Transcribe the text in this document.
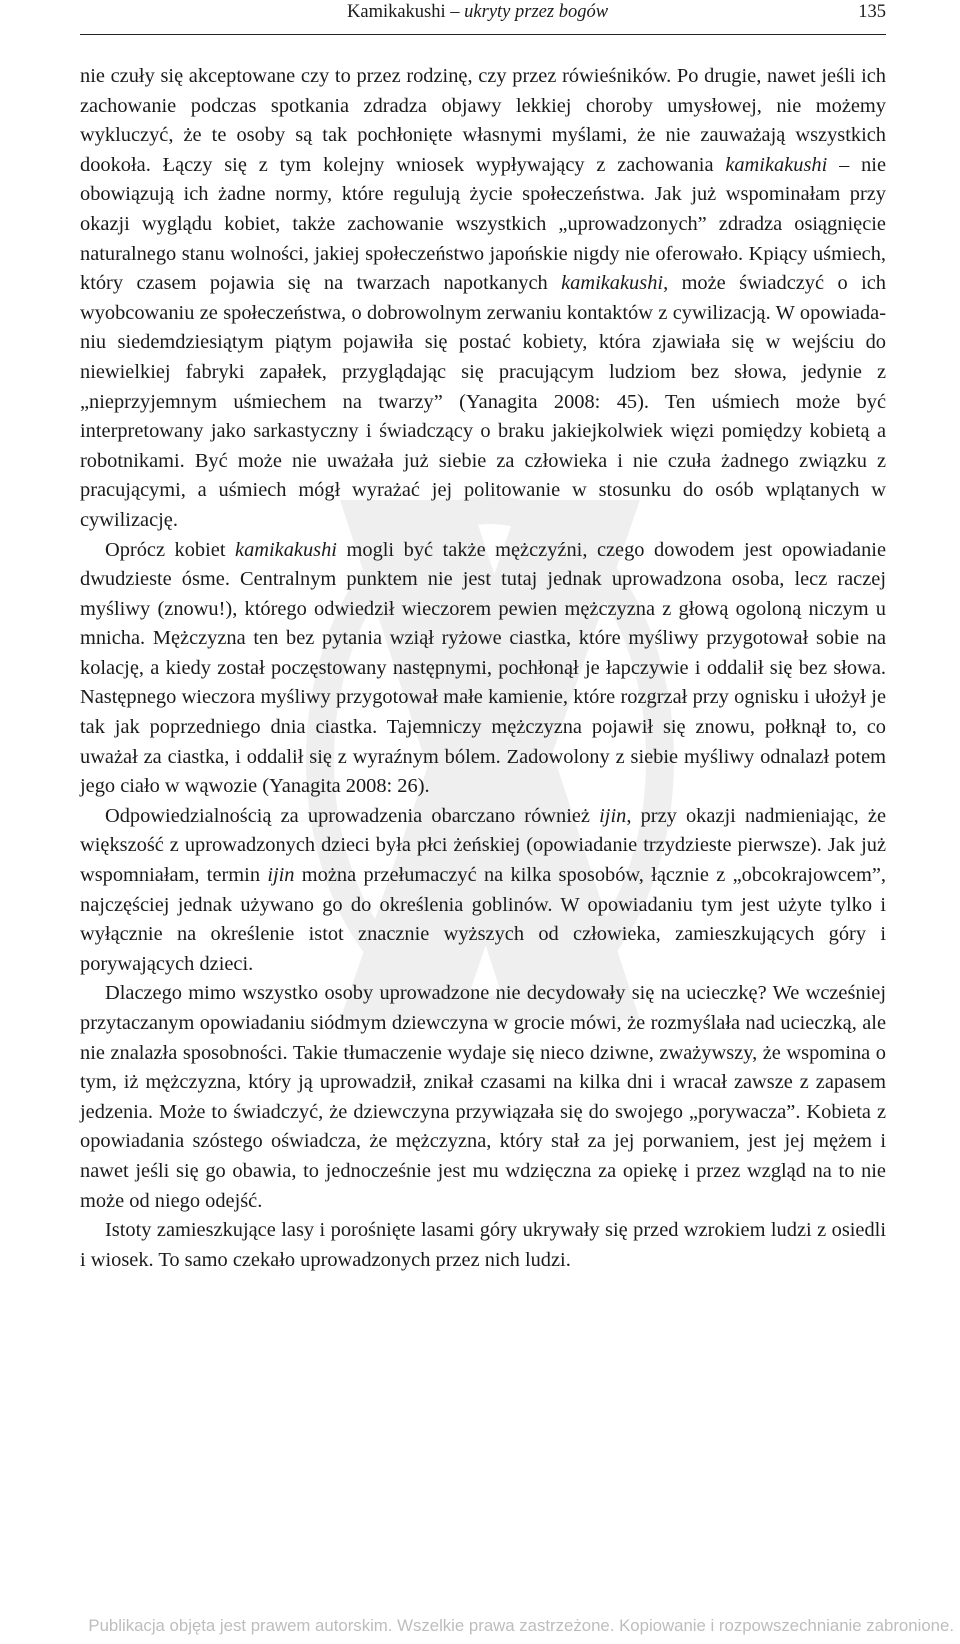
Kamikakushi – ukryty przez bogów	135

nie czuły się akceptowane czy to przez rodzinę, czy przez rówieśników. Po drugie, nawet jeśli ich zachowanie podczas spotkania zdradza objawy lekkiej choroby umysłowej, nie możemy wykluczyć, że te osoby są tak pochłonięte własnymi myślami, że nie zauważają wszystkich dookoła. Łączy się z tym kolejny wniosek wypływający z zachowania kamikakushi – nie obowiązują ich żadne normy, które regulują życie społeczeństwa. Jak już wspominałam przy okazji wyglądu kobiet, także zachowanie wszystkich „uprowadzonych” zdradza osiągnięcie naturalnego stanu wolności, jakiej społeczeństwo japońskie nigdy nie oferowało. Kpiący uśmiech, który czasem pojawia się na twarzach napotkanych kamikakushi, może świadczyć o ich wyobcowaniu ze społeczeństwa, o dobrowolnym zerwaniu kontaktów z cywilizacją. W opowiadaniu siedemdziesiątym piątym pojawiła się postać kobiety, która zjawiała się w wejściu do niewielkiej fabryki zapałek, przyglądając się pracującym ludziom bez słowa, jedynie z „nieprzyjemnym uśmiechem na twarzy” (Yanagita 2008: 45). Ten uśmiech może być interpretowany jako sarkastyczny i świadczący o braku jakiejkolwiek więzi pomiędzy kobietą a robotnikami. Być może nie uważała już siebie za człowieka i nie czuła żadnego związku z pracującymi, a uśmiech mógł wyrażać jej politowanie w stosunku do osób wplątanych w cywilizację.

Oprócz kobiet kamikakushi mogli być także mężczyźni, czego dowodem jest opowiadanie dwudzieste ósme. Centralnym punktem nie jest tutaj jednak uprowadzona osoba, lecz raczej myśliwy (znowu!), którego odwiedził wieczorem pewien mężczyzna z głową ogoloną niczym u mnicha. Mężczyzna ten bez pytania wziął ryżowe ciastka, które myśliwy przygotował sobie na kolację, a kiedy został poczęstowany następnymi, pochłonął je łapczywie i oddalił się bez słowa. Następnego wieczora myśliwy przygotował małe kamienie, które rozgrzał przy ognisku i ułożył je tak jak poprzedniego dnia ciastka. Tajemniczy mężczyzna pojawił się znowu, połknął to, co uważał za ciastka, i oddalił się z wyraźnym bólem. Zadowolony z siebie myśliwy odnalazł potem jego ciało w wąwozie (Yanagita 2008: 26).

Odpowiedzialnością za uprowadzenia obarczano również ijin, przy okazji nadmieniając, że większość z uprowadzonych dzieci była płci żeńskiej (opowiadanie trzydzieste pierwsze). Jak już wspomniałam, termin ijin można przełumaczyć na kilka sposobów, łącznie z „obcokrajowcem”, najczęściej jednak używano go do określenia goblinów. W opowiadaniu tym jest użyte tylko i wyłącznie na określenie istot znacznie wyższych od człowieka, zamieszkujących góry i porywających dzieci.

Dlaczego mimo wszystko osoby uprowadzone nie decydowały się na ucieczkę? We wcześniej przytaczanym opowiadaniu siódmym dziewczyna w grocie mówi, że rozmyślała nad ucieczką, ale nie znalazła sposobności. Takie tłumaczenie wydaje się nieco dziwne, zważywszy, że wspomina o tym, iż mężczyzna, który ją uprowadził, znikał czasami na kilka dni i wracał zawsze z zapasem jedzenia. Może to świadczyć, że dziewczyna przywiązała się do swojego „porywacza”. Kobieta z opowiadania szóstego oświadcza, że mężczyzna, który stał za jej porwaniem, jest jej mężem i nawet jeśli się go obawia, to jednocześnie jest mu wdzięczna za opiekę i przez wzgląd na to nie może od niego odejść.

Istoty zamieszkujące lasy i porośnięte lasami góry ukrywały się przed wzrokiem ludzi z osiedli i wiosek. To samo czekało uprowadzonych przez nich ludzi.

Publikacja objęta jest prawem autorskim. Wszelkie prawa zastrzeżone. Kopiowanie i rozpowszechnianie zabronione.
